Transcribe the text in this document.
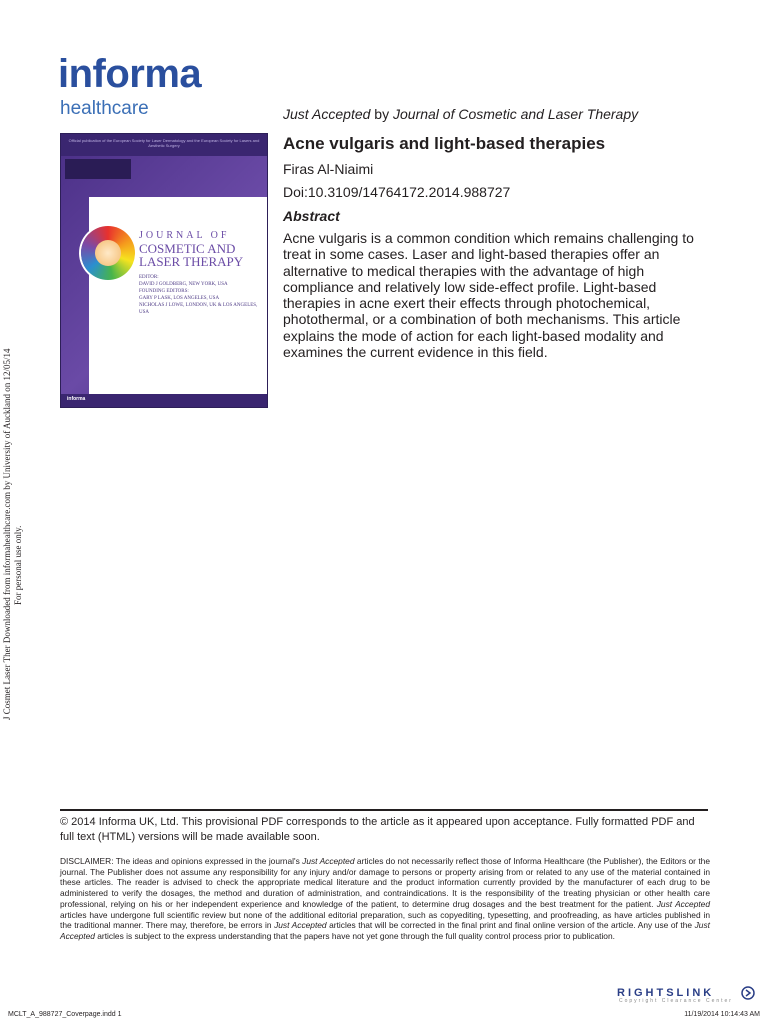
informa
healthcare
Official publication of the European Society for Laser Dermatology and the European Society for Lasers and Aesthetic Surgery
JOURNAL OF
COSMETIC AND
LASER THERAPY
EDITOR:
DAVID J GOLDBERG, NEW YORK, USA
FOUNDING EDITORS:
GARY P LASK, LOS ANGELES, USA
NICHOLAS J LOWE, LONDON, UK & LOS ANGELES, USA
informa
Just Accepted by Journal of Cosmetic and Laser Therapy
Acne vulgaris and light-based therapies
Firas Al-Niaimi
Doi:10.3109/14764172.2014.988727
Abstract
Acne vulgaris is a common condition which remains challenging to treat in some cases. Laser and light-based therapies offer an alternative to medical therapies with the advantage of high compliance and relatively low side-effect profile. Light-based therapies in acne exert their effects through photochemical, photothermal, or a combination of both mechanisms. This article explains the mode of action for each light-based modality and examines the current evidence in this field.
J Cosmet Laser Ther Downloaded from informahealthcare.com by University of Auckland on 12/05/14 For personal use only.
© 2014 Informa UK, Ltd. This provisional PDF corresponds to the article as it appeared upon acceptance. Fully formatted PDF and full text (HTML) versions will be made available soon.
DISCLAIMER: The ideas and opinions expressed in the journal's Just Accepted articles do not necessarily reflect those of Informa Healthcare (the Publisher), the Editors or the journal. The Publisher does not assume any responsibility for any injury and/or damage to persons or property arising from or related to any use of the material contained in these articles. The reader is advised to check the appropriate medical literature and the product information currently provided by the manufacturer of each drug to be administered to verify the dosages, the method and duration of administration, and contraindications. It is the responsibility of the treating physician or other health care professional, relying on his or her independent experience and knowledge of the patient, to determine drug dosages and the best treatment for the patient. Just Accepted articles have undergone full scientific review but none of the additional editorial preparation, such as copyediting, typesetting, and proofreading, as have articles published in the traditional manner. There may, therefore, be errors in Just Accepted articles that will be corrected in the final print and final online version of the article. Any use of the Just Accepted articles is subject to the express understanding that the papers have not yet gone through the full quality control process prior to publication.
RIGHTSLINK
Copyright Clearance Center
MCLT_A_988727_Coverpage.indd 1	11/19/2014 10:14:43 AM
